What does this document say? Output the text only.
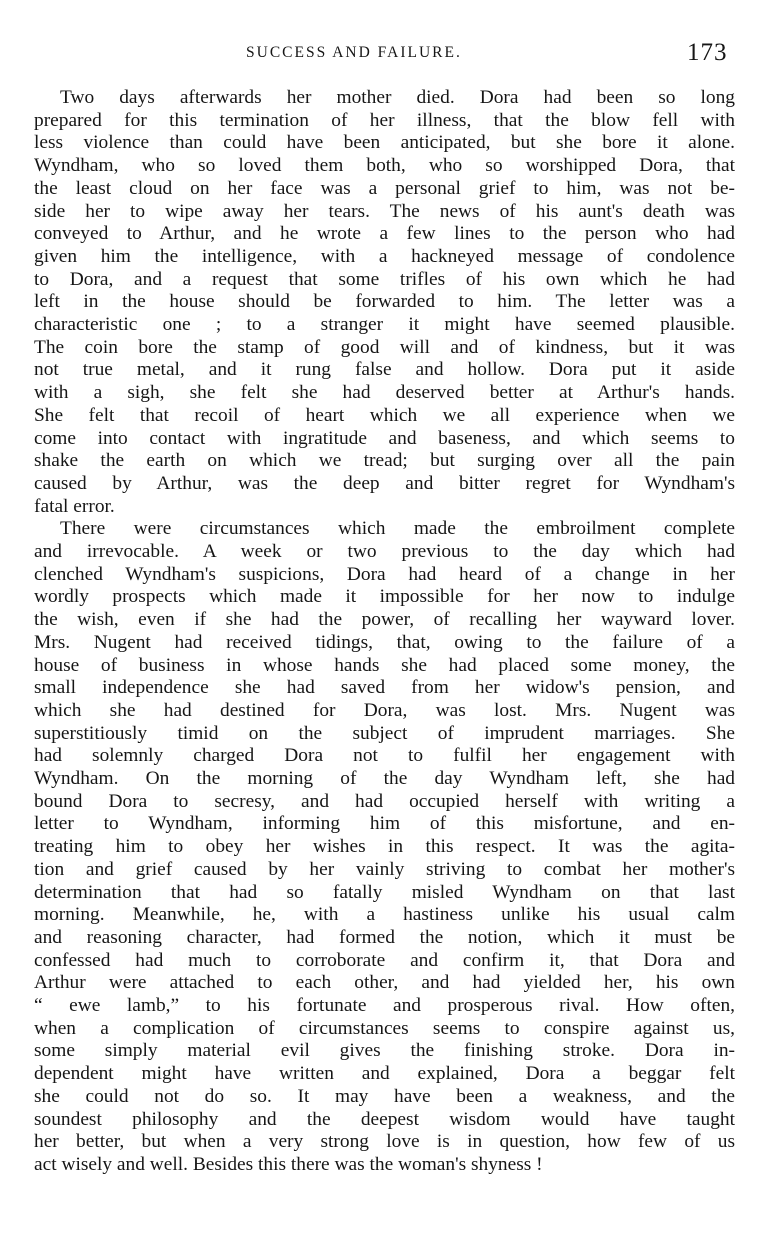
SUCCESS AND FAILURE.	173
Two days afterwards her mother died. Dora had been so long
prepared for this termination of her illness, that the blow fell with
less violence than could have been anticipated, but she bore it alone.
Wyndham, who so loved them both, who so worshipped Dora, that
the least cloud on her face was a personal grief to him, was not be-
side her to wipe away her tears. The news of his aunt's death was
conveyed to Arthur, and he wrote a few lines to the person who had
given him the intelligence, with a hackneyed message of condolence
to Dora, and a request that some trifles of his own which he had
left in the house should be forwarded to him. The letter was a
characteristic one ; to a stranger it might have seemed plausible.
The coin bore the stamp of good will and of kindness, but it was
not true metal, and it rung false and hollow. Dora put it aside
with a sigh, she felt she had deserved better at Arthur's hands.
She felt that recoil of heart which we all experience when we
come into contact with ingratitude and baseness, and which seems to
shake the earth on which we tread; but surging over all the pain
caused by Arthur, was the deep and bitter regret for Wyndham's
fatal error.
There were circumstances which made the embroilment complete
and irrevocable. A week or two previous to the day which had
clenched Wyndham's suspicions, Dora had heard of a change in her
wordly prospects which made it impossible for her now to indulge
the wish, even if she had the power, of recalling her wayward lover.
Mrs. Nugent had received tidings, that, owing to the failure of a
house of business in whose hands she had placed some money, the
small independence she had saved from her widow's pension, and
which she had destined for Dora, was lost. Mrs. Nugent was
superstitiously timid on the subject of imprudent marriages. She
had solemnly charged Dora not to fulfil her engagement with
Wyndham. On the morning of the day Wyndham left, she had
bound Dora to secresy, and had occupied herself with writing a
letter to Wyndham, informing him of this misfortune, and en-
treating him to obey her wishes in this respect. It was the agita-
tion and grief caused by her vainly striving to combat her mother's
determination that had so fatally misled Wyndham on that last
morning. Meanwhile, he, with a hastiness unlike his usual calm
and reasoning character, had formed the notion, which it must be
confessed had much to corroborate and confirm it, that Dora and
Arthur were attached to each other, and had yielded her, his own
“ ewe lamb,” to his fortunate and prosperous rival. How often,
when a complication of circumstances seems to conspire against us,
some simply material evil gives the finishing stroke. Dora in-
dependent might have written and explained, Dora a beggar felt
she could not do so. It may have been a weakness, and the
soundest philosophy and the deepest wisdom would have taught
her better, but when a very strong love is in question, how few of us
act wisely and well. Besides this there was the woman's shyness !
